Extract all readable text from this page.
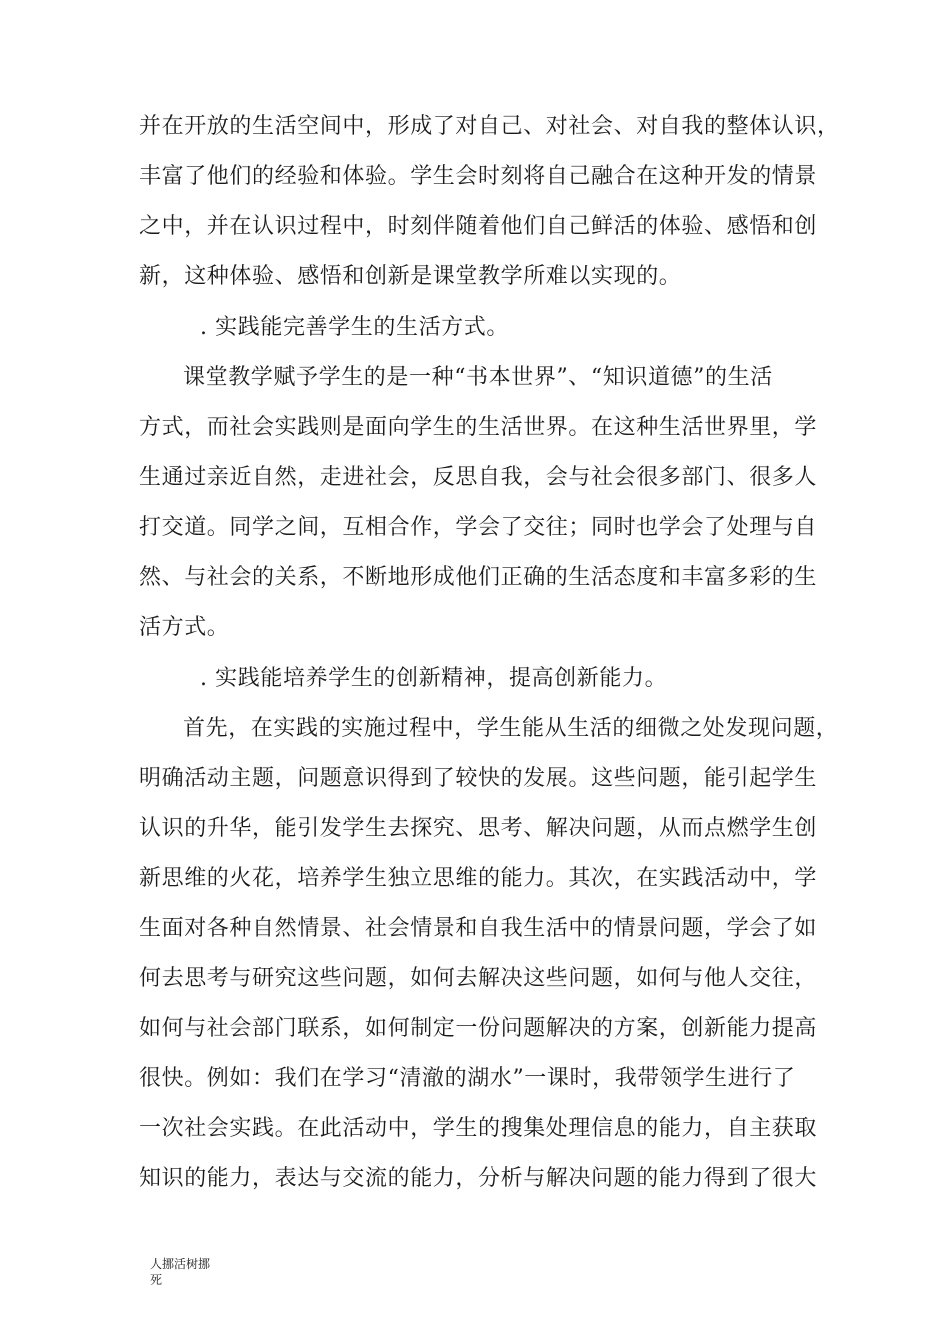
并在开放的生活空间中，形成了对自己、对社会、对自我的整体认识，
丰富了他们的经验和体验。学生会时刻将自己融合在这种开发的情景
之中，并在认识过程中，时刻伴随着他们自己鲜活的体验、感悟和创
新，这种体验、感悟和创新是课堂教学所难以实现的。
. 实践能完善学生的生活方式。
课堂教学赋予学生的是一种“书本世界”、“知识道德”的生活
方式，而社会实践则是面向学生的生活世界。在这种生活世界里，学
生通过亲近自然，走进社会，反思自我，会与社会很多部门、很多人
打交道。同学之间，互相合作，学会了交往；同时也学会了处理与自
然、与社会的关系，不断地形成他们正确的生活态度和丰富多彩的生
活方式。
. 实践能培养学生的创新精神，提高创新能力。
首先，在实践的实施过程中，学生能从生活的细微之处发现问题，
明确活动主题，问题意识得到了较快的发展。这些问题，能引起学生
认识的升华，能引发学生去探究、思考、解决问题，从而点燃学生创
新思维的火花，培养学生独立思维的能力。其次，在实践活动中，学
生面对各种自然情景、社会情景和自我生活中的情景问题，学会了如
何去思考与研究这些问题，如何去解决这些问题，如何与他人交往，
如何与社会部门联系，如何制定一份问题解决的方案，创新能力提高
很快。例如：我们在学习“清澈的湖水”一课时，我带领学生进行了
一次社会实践。在此活动中，学生的搜集处理信息的能力，自主获取
知识的能力，表达与交流的能力，分析与解决问题的能力得到了很大
人挪活树挪
死
